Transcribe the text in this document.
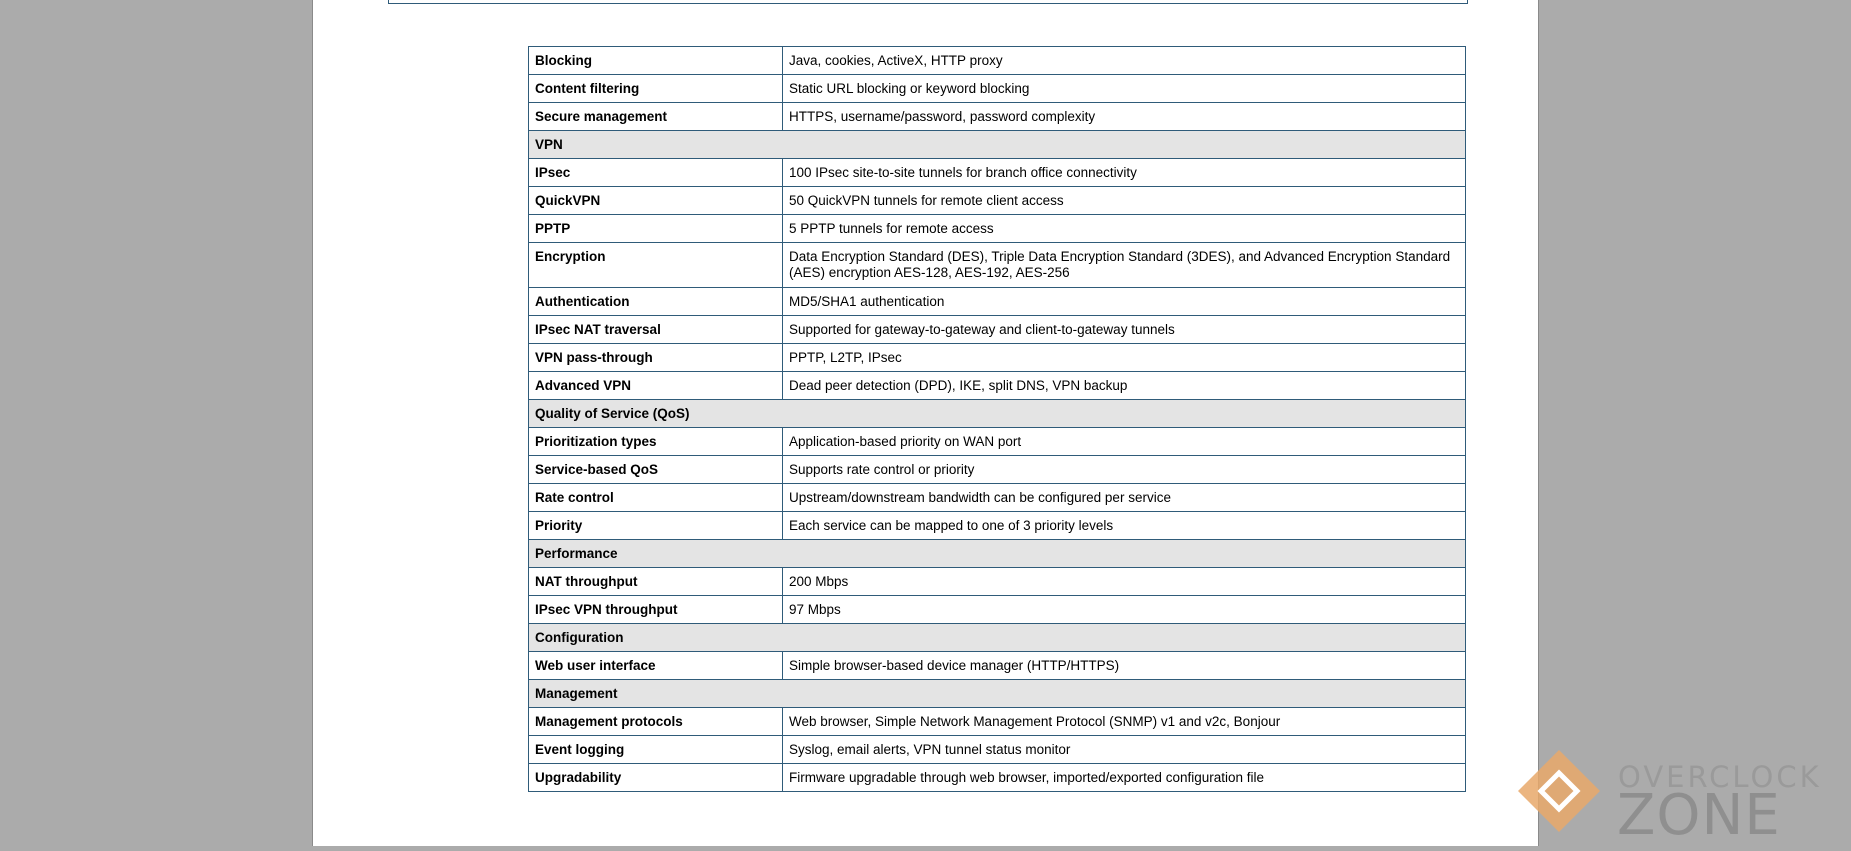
Blocking	Java, cookies, ActiveX, HTTP proxy
Content filtering	Static URL blocking or keyword blocking
Secure management	HTTPS, username/password, password complexity
VPN	
IPsec	100 IPsec site-to-site tunnels for branch office connectivity
QuickVPN	50 QuickVPN tunnels for remote client access
PPTP	5 PPTP tunnels for remote access
Encryption	Data Encryption Standard (DES), Triple Data Encryption Standard (3DES), and Advanced Encryption Standard (AES) encryption AES-128, AES-192, AES-256
Authentication	MD5/SHA1 authentication
IPsec NAT traversal	Supported for gateway-to-gateway and client-to-gateway tunnels
VPN pass-through	PPTP, L2TP, IPsec
Advanced VPN	Dead peer detection (DPD), IKE, split DNS, VPN backup
Quality of Service (QoS)	
Prioritization types	Application-based priority on WAN port
Service-based QoS	Supports rate control or priority
Rate control	Upstream/downstream bandwidth can be configured per service
Priority	Each service can be mapped to one of 3 priority levels
Performance	
NAT throughput	200 Mbps
IPsec VPN throughput	97 Mbps
Configuration	
Web user interface	Simple browser-based device manager (HTTP/HTTPS)
Management	
Management protocols	Web browser, Simple Network Management Protocol (SNMP) v1 and v2c, Bonjour
Event logging	Syslog, email alerts, VPN tunnel status monitor
Upgradability	Firmware upgradable through web browser, imported/exported configuration file	OVERCLOCK
ZONE
